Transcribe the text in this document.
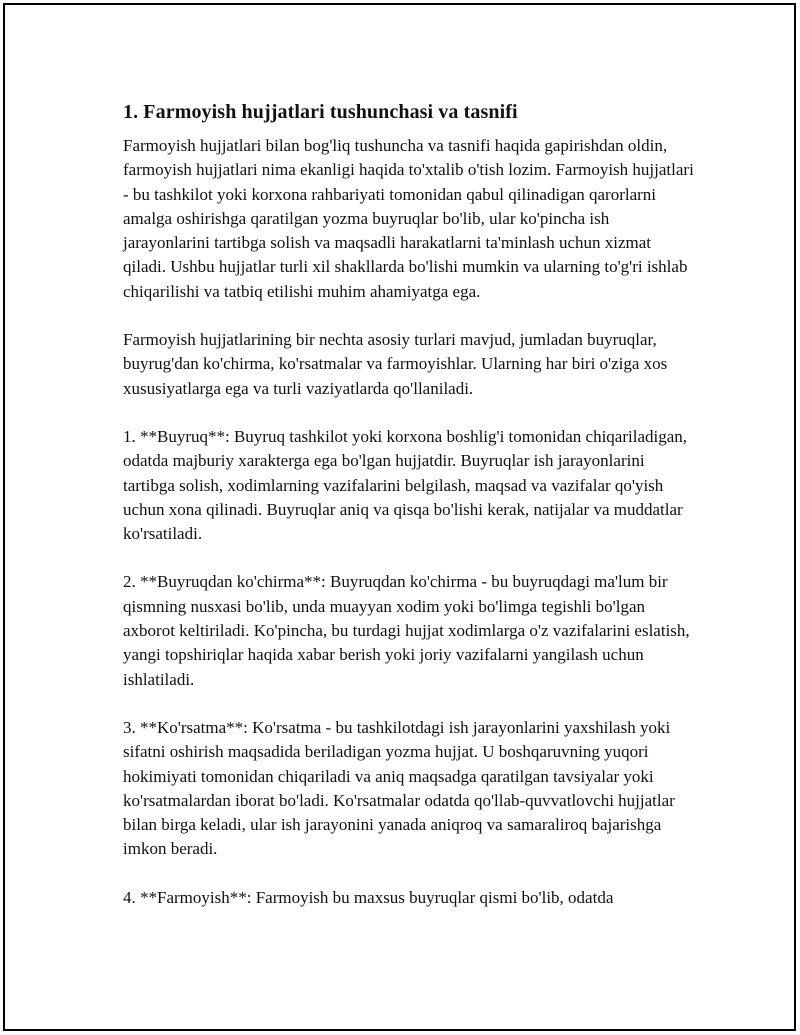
1. Farmoyish hujjatlari tushunchasi va tasnifi

Farmoyish hujjatlari bilan bog'liq tushuncha va tasnifi haqida gapirishdan oldin, farmoyish hujjatlari nima ekanligi haqida to'xtalib o'tish lozim. Farmoyish hujjatlari - bu tashkilot yoki korxona rahbariyati tomonidan qabul qilinadigan qarorlarni amalga oshirishga qaratilgan yozma buyruqlar bo'lib, ular ko'pincha ish jarayonlarini tartibga solish va maqsadli harakatlarni ta'minlash uchun xizmat qiladi. Ushbu hujjatlar turli xil shakllarda bo'lishi mumkin va ularning to'g'ri ishlab chiqarilishi va tatbiq etilishi muhim ahamiyatga ega.

Farmoyish hujjatlarining bir nechta asosiy turlari mavjud, jumladan buyruqlar, buyrug'dan ko'chirma, ko'rsatmalar va farmoyishlar. Ularning har biri o'ziga xos xususiyatlarga ega va turli vaziyatlarda qo'llaniladi.

1. **Buyruq**: Buyruq tashkilot yoki korxona boshlig'i tomonidan chiqariladigan, odatda majburiy xarakterga ega bo'lgan hujjatdir. Buyruqlar ish jarayonlarini tartibga solish, xodimlarning vazifalarini belgilash, maqsad va vazifalar qo'yish uchun xona qilinadi. Buyruqlar aniq va qisqa bo'lishi kerak, natijalar va muddatlar ko'rsatiladi.

2. **Buyruqdan ko'chirma**: Buyruqdan ko'chirma - bu buyruqdagi ma'lum bir qismning nusxasi bo'lib, unda muayyan xodim yoki bo'limga tegishli bo'lgan axborot keltiriladi. Ko'pincha, bu turdagi hujjat xodimlarga o'z vazifalarini eslatish, yangi topshiriqlar haqida xabar berish yoki joriy vazifalarni yangilash uchun ishlatiladi.

3. **Ko'rsatma**: Ko'rsatma - bu tashkilotdagi ish jarayonlarini yaxshilash yoki sifatni oshirish maqsadida beriladigan yozma hujjat. U boshqaruvning yuqori hokimiyati tomonidan chiqariladi va aniq maqsadga qaratilgan tavsiyalar yoki ko'rsatmalardan iborat bo'ladi. Ko'rsatmalar odatda qo'llab-quvvatlovchi hujjatlar bilan birga keladi, ular ish jarayonini yanada aniqroq va samaraliroq bajarishga imkon beradi.

4. **Farmoyish**: Farmoyish bu maxsus buyruqlar qismi bo'lib, odatda
